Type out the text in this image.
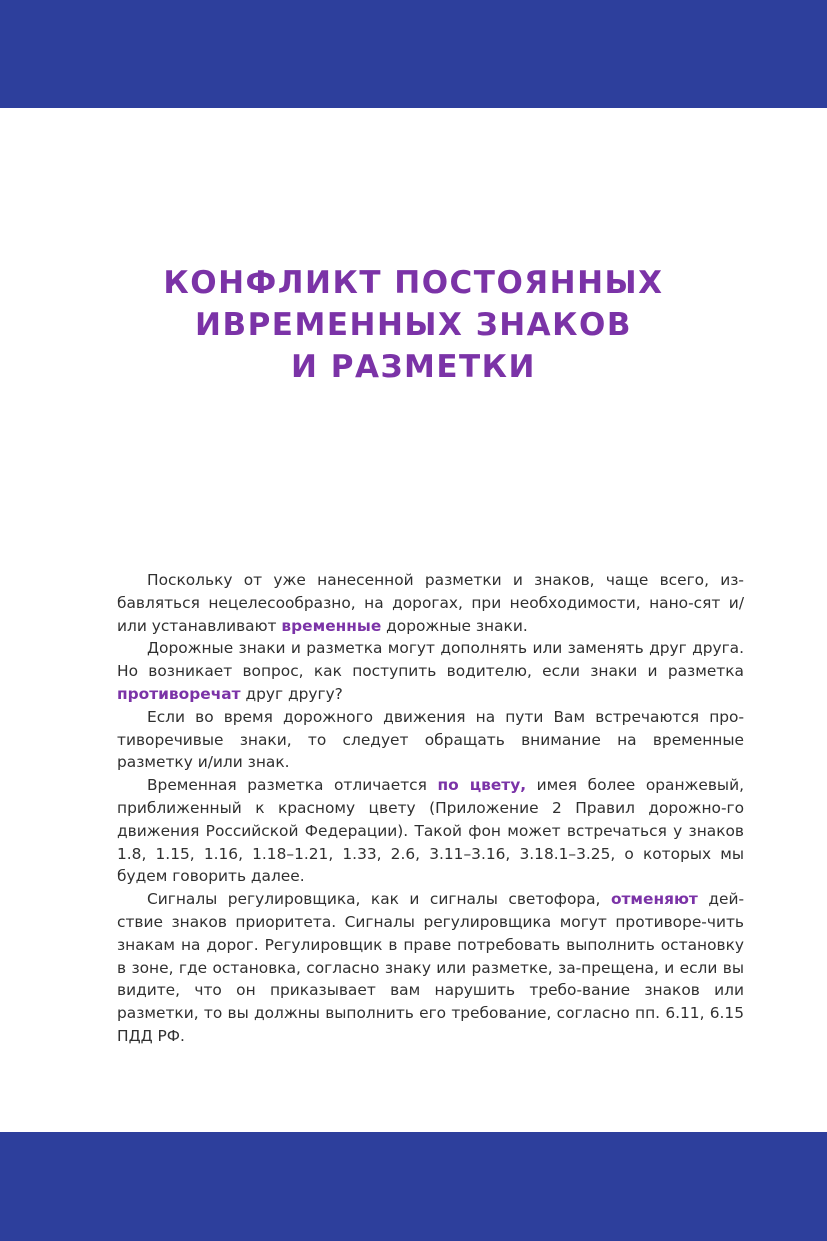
КОНФЛИКТ ПОСТОЯННЫХ
ИВРЕМЕННЫХ ЗНАКОВ
И РАЗМЕТКИ

Поскольку от уже нанесенной разметки и знаков, чаще всего, из-бавляться нецелесообразно, на дорогах, при необходимости, нано-сят и/или устанавливают временные дорожные знаки.

Дорожные знаки и разметка могут дополнять или заменять друг друга. Но возникает вопрос, как поступить водителю, если знаки и разметка противоречат друг другу?

Если во время дорожного движения на пути Вам встречаются про-тиворечивые знаки, то следует обращать внимание на временные разметку и/или знак.

Временная разметка отличается по цвету, имея более оранжевый, приближенный к красному цвету (Приложение 2 Правил дорожно-го движения Российской Федерации). Такой фон может встречаться у знаков 1.8, 1.15, 1.16, 1.18–1.21, 1.33, 2.6, 3.11–3.16, 3.18.1–3.25, о которых мы будем говорить далее.

Сигналы регулировщика, как и сигналы светофора, отменяют дей-ствие знаков приоритета. Сигналы регулировщика могут противоре-чить знакам на дорог. Регулировщик в праве потребовать выполнить остановку в зоне, где остановка, согласно знаку или разметке, за-прещена, и если вы видите, что он приказывает вам нарушить требо-вание знаков или разметки, то вы должны выполнить его требование, согласно пп. 6.11, 6.15 ПДД РФ.
